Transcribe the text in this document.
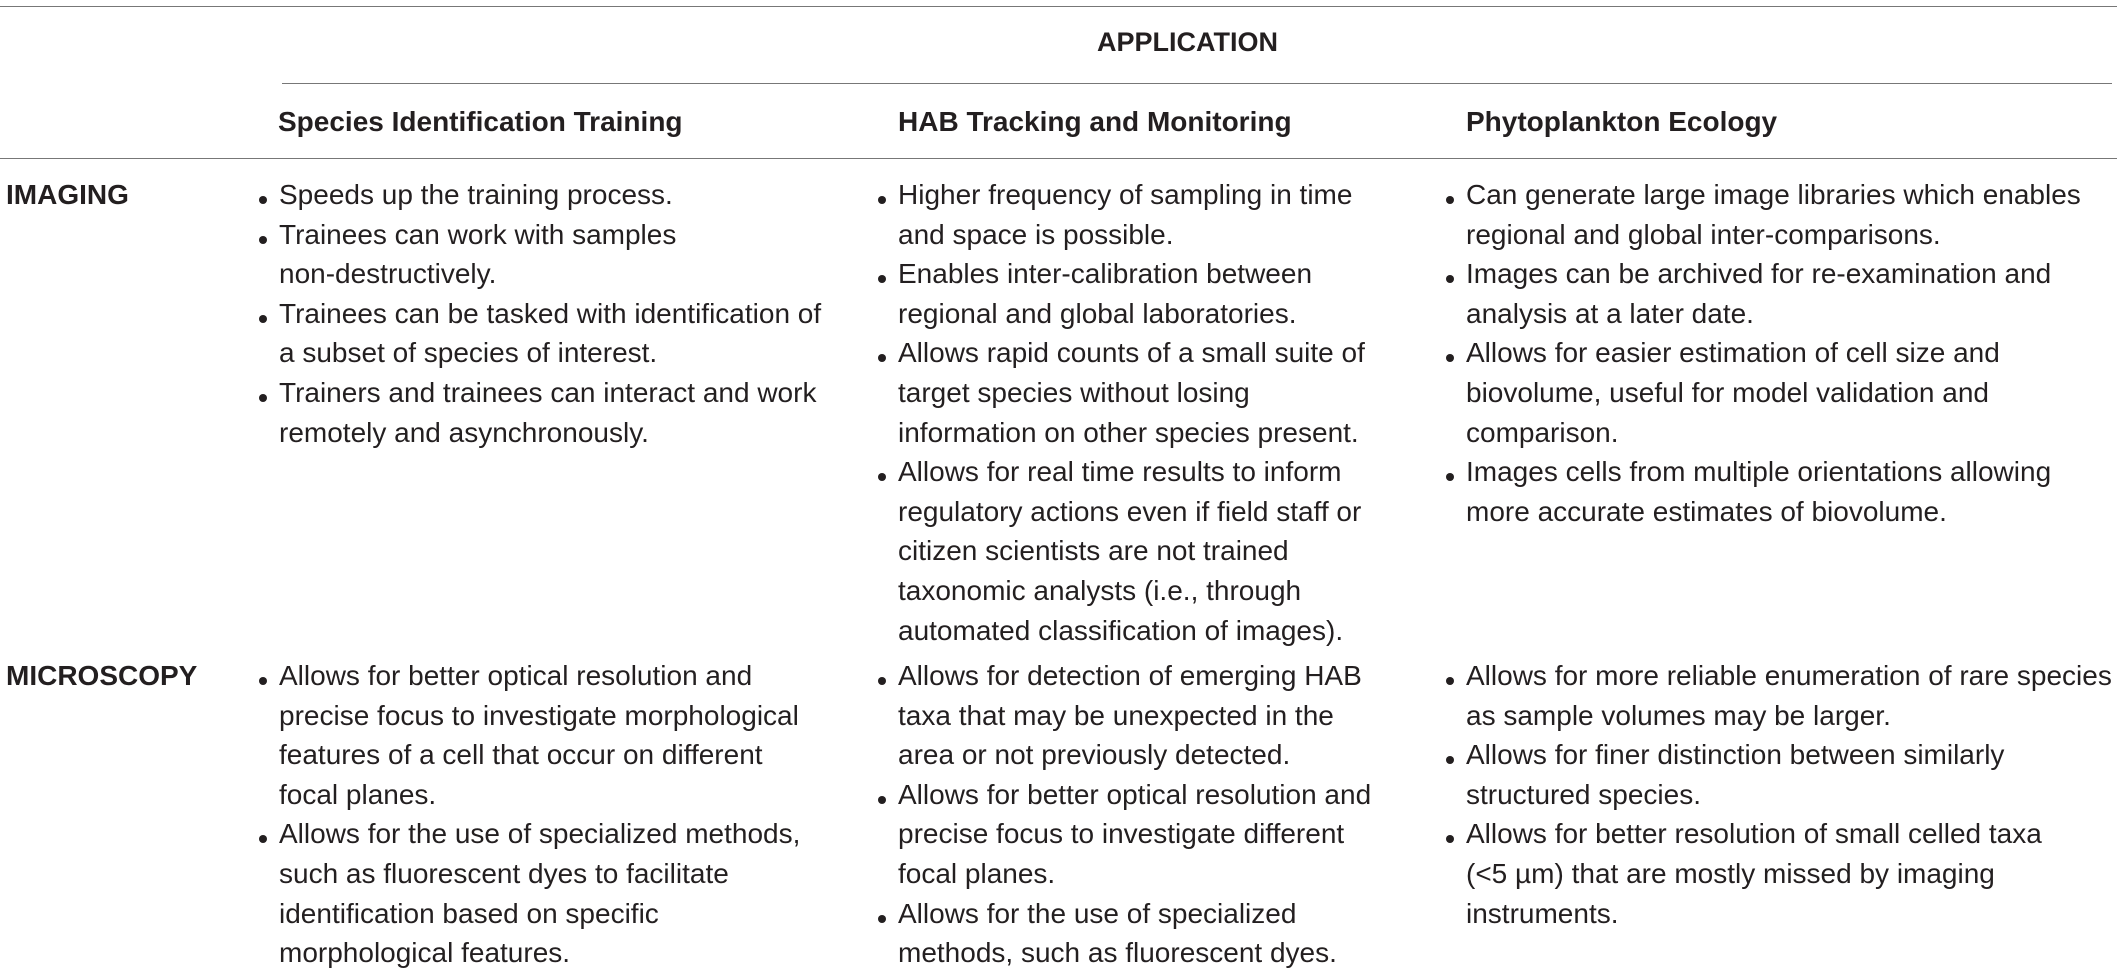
APPLICATION
Species Identification Training	HAB Tracking and Monitoring	Phytoplankton Ecology
IMAGING
MICROSCOPY
Speeds up the training process.
Trainees can work with samples
non-destructively.
Trainees can be tasked with identification of
a subset of species of interest.
Trainers and trainees can interact and work
remotely and asynchronously.
Higher frequency of sampling in time
and space is possible.
Enables inter-calibration between
regional and global laboratories.
Allows rapid counts of a small suite of
target species without losing
information on other species present.
Allows for real time results to inform
regulatory actions even if field staff or
citizen scientists are not trained
taxonomic analysts (i.e., through
automated classification of images).
Can generate large image libraries which enables
regional and global inter-comparisons.
Images can be archived for re-examination and
analysis at a later date.
Allows for easier estimation of cell size and
biovolume, useful for model validation and
comparison.
Images cells from multiple orientations allowing
more accurate estimates of biovolume.
Allows for better optical resolution and
precise focus to investigate morphological
features of a cell that occur on different
focal planes.
Allows for the use of specialized methods,
such as fluorescent dyes to facilitate
identification based on specific
morphological features.
Allows for detection of emerging HAB
taxa that may be unexpected in the
area or not previously detected.
Allows for better optical resolution and
precise focus to investigate different
focal planes.
Allows for the use of specialized
methods, such as fluorescent dyes.
Allows for more reliable enumeration of rare species
as sample volumes may be larger.
Allows for finer distinction between similarly
structured species.
Allows for better resolution of small celled taxa
(<5 µm) that are mostly missed by imaging
instruments.
